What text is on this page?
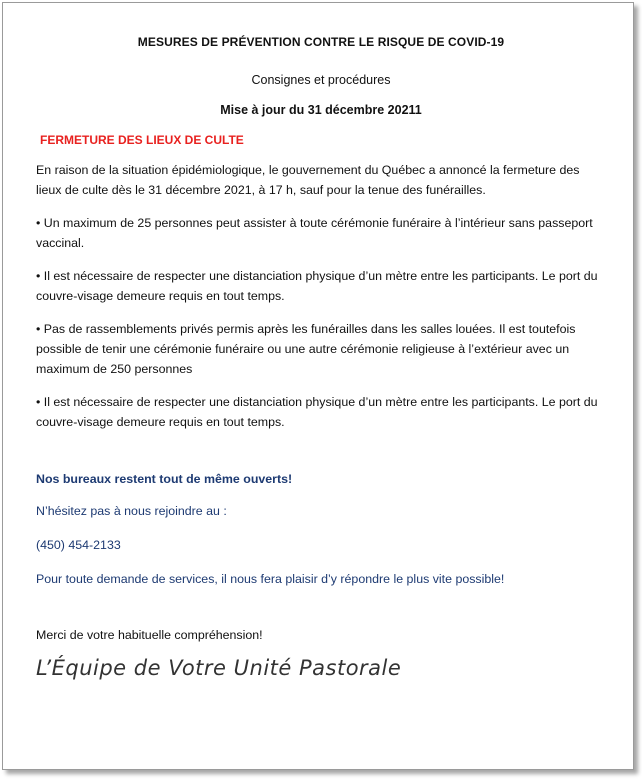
MESURES DE PRÉVENTION CONTRE LE RISQUE DE COVID-19
Consignes et procédures
Mise à jour du 31 décembre 20211
FERMETURE DES LIEUX DE CULTE

En raison de la situation épidémiologique, le gouvernement du Québec a annoncé la fermeture des lieux de culte dès le 31 décembre 2021, à 17 h, sauf pour la tenue des funérailles.

• Un maximum de 25 personnes peut assister à toute cérémonie funéraire à l’intérieur sans passeport vaccinal.

• Il est nécessaire de respecter une distanciation physique d’un mètre entre les participants. Le port du couvre-visage demeure requis en tout temps.

• Pas de rassemblements privés permis après les funérailles dans les salles louées. Il est toutefois possible de tenir une cérémonie funéraire ou une autre cérémonie religieuse à l’extérieur avec un maximum de 250 personnes

• Il est nécessaire de respecter une distanciation physique d’un mètre entre les participants. Le port du couvre-visage demeure requis en tout temps.

Nos bureaux restent tout de même ouverts!
N’hésitez pas à nous rejoindre au :
(450) 454-2133
Pour toute demande de services, il nous fera plaisir d’y répondre le plus vite possible!
Merci de votre habituelle compréhension!
L’Équipe de Votre Unité Pastorale
